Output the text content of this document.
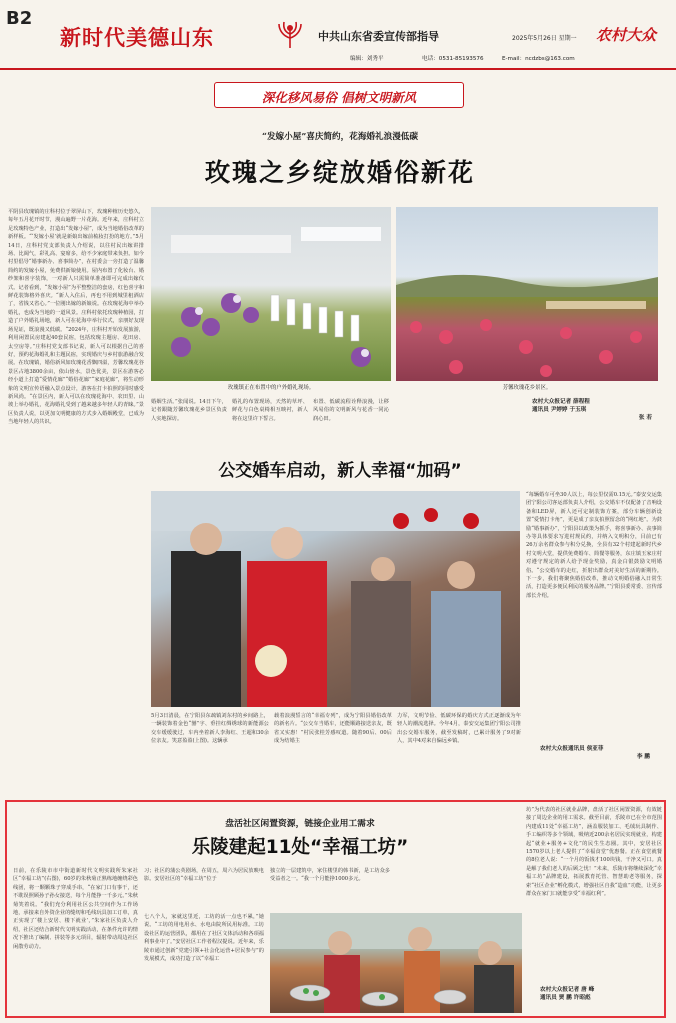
B2
新时代美德山东	中共山东省委宣传部指导	2025年5月26日 星期一 农村大众
编辑：刘秀平	电话：0531-85193576	E-mail：ncdzbs@163.com
深化移风易俗 倡树文明新风
“发嫁小屋”喜庆简约，花海婚礼浪漫低碳
玫瑰之乡绽放婚俗新花
平阴县玫瑰镇的庄科村位于翠屏山下，玫瑰种植历史悠久，每年五月花开时节，漫山遍野一片花海。近年来，庄科村立足玫瑰特色产业，打造出“发嫁小屋”，成为当地婚俗改革的新样板。“‘发嫁小屋’就是新娘出嫁前梳妆打扮的地方。”5月14日，庄科村党支部负责人介绍说，以往村民出嫁讲排场、比阔气，彩礼高、宴席多，给不少家庭带来负担。如今村里倡导“婚事新办、喜事简办”，在村委会一旁打造了温馨简约的发嫁小屋，免费供新娘使用。屋内布置了化妆台、婚纱架和喜字装饰，一对新人只需简单准备即可完成出嫁仪式。记者看到，“发嫁小屋”为平整整洁的套房，红色喜字和鲜花装饰格外喜庆。“新人入住后，再也不用到城里租酒店了，省钱又省心。”一位刚出嫁的新娘说。在玫瑰花海中举办婚礼，也成为当地的一道风景。庄科村依托玫瑰种植园，打造了户外婚礼场地，新人可在花海中举行仪式，亲朋好友现场见证，既浪漫又低碳。“2024年，庄科村开始发展旅游，利用闲置民房建起40套民宿，包括玫瑰主题房、花田房、太空房等。”庄科村党支部书记说，新人可以根据自己的喜好，预约花海婚礼和主题民宿，实现婚庆与乡村旅游融合发展。在玫瑰镇，婚俗新风如玫瑰花香飘四溢，芳馨玫瑰花谷景区占地3800余亩，依山傍水，景色优美，景区在游客必经小道上打造“爱情花廊”“婚俗花廊”“家庭花廊”，将生动形象的文明宣传语融入景点设计，游客在打卡拍照的同时感受新风尚。“在景区内，新人可以在玫瑰花海中、农田里、山坡上举办婚礼，花海婚礼受到了越来越多年轻人的青睐。”景区负责人说，以更加文明健康的方式步入婚姻殿堂，已成为当地年轻人的共识。
玫瑰镇正在布置中的户外婚礼现场。	芳馨玫瑰花乡景区。
婚姻生活。”张闻说。14日下午，记者跟随芳馨玫瑰花乡景区负责人实地探访。
婚礼的布置现场，天然的草坪、鲜花与白色桌椅相互映衬，新人将在这里许下誓言。
布置、低碳流程诠释浪漫，让移风易俗的文明新风与花香一同沁润心田。
农村大众报记者 薛程程
通讯员 尹婷婷 于玉琪
张 若
公交婚车启动，新人幸福“加码”
“每辆婚车可坐30人以上，每公里仅需0.15元。”泰安交运集团宁阳公司客运部负责人介绍，公交婚车不仅配备了音响设备和LED屏，新人还可定制装饰方案，部分车辆创新设置“爱情打卡角”，更是成了亲友拍照留念的“网红地”。为鼓励“婚事新办”，宁阳县以政策为抓手，将喜事新办、丧事简办等具体要求写进村规民约，并纳入文明积分，目前已有26万余名群众参与积分兑换，全县有32个村建起新时代乡村文明大堂，提供免费婚车、简餐等服务，东庄镇玉家庄村对遵守规定的新人给予现金奖励，真金白银鼓励文明婚俗。“公交婚车的走红，折射出群众对美好生活的新期待。下一步，我们将聚焦婚俗改革，推动文明婚俗融入日常生活，打造更多便民利民的服务品牌。”宁阳县委常委、宣传部部长介绍。
农村大众报通讯员 侯亚菲
李 鹏
5月3日清晨，在宁阳县东疏镇刘东村的乡间路上，一辆装饰着金色“囍”字、垂挂红绸绣球的新能源公交车缓缓驶过，车内坐着新人李海红、王超和30余位亲友。笑意盈盈(上图)。这辆承
载着浪漫誓言的“幸福专列”，成为宁阳县婚俗改革的新名片。“公交车当婚车，还能顺路接送亲友，既省又实惠！”村民张桂芳感叹道。随着90后、00后成为结婚主
力军，文明节俭、低碳环保的婚庆方式正逐渐成为年轻人的潮流选择。今年4月，泰安交运集团宁阳公司推出公交婚车服务，截至发稿时，已累计服务了9对新人，其中4对来自偏远乡镇。
盘活社区闲置资源，链接企业用工需求
乐陵建起11处“幸福工坊”
日前，在乐陵市市中街道新时代文明实践所朱家社区“幸福工坊”(右图)，60岁的朱秋菊正熟练地缠绕彩色线团，将一颗颗珠子穿成手串，“在家门口有事干，还不耽误照顾孙子孙女接送，每个月能挣一千多元。”朱秋菊笑着说。“我们充分利用社区公共空间作为工作场地，承接来自外资企业的缝纫和毛线玩具加工订单，真正实现了‘楼上安居、楼下就业’，”朱家社区负责人介绍，社区还结合新时代文明实践活动，在条件允许的情况下推出了编制、拼装等多元项目，辐射带动周边社区闲散劳动力。
习；社区的蒲公英剧场，在周五，周六为居民放映电影。安居社区的“幸福工坊”位于
独立的一层建筑中，家住楼里的韩书新，是工坊众多受益者之一。“我一个月能挣1000多元。
七八个人，家就这里近，工坊的活一点也不累，”她说。“工坊的用电用水、水电由院所民用标准。工坊设社区的运营团队，都用在了社区文体活动和各项福利事业中了。”安居社区工作者程汉提说。近年来，乐陵市通过创新“党建引领+社会化运营+居民参与”的发展模式，成功打造了以“幸福工
坊”为代表的社区就业品牌，盘活了社区闲置资源，有效链接了周边企业的用工需求。截至目前，乐陵市已在全市范围内建成11处“幸福工坊”，涵盖服装加工、毛绒玩具制作、手工编织等多个领域，吸纳近200余名居民实现就业，构建起“就业+服务+文化”的民生生态圈。其中，安居社区1570岁以上老人提供了“幸福食堂”优惠餐。正在食堂就餐的8位老人说：“一个月的饭钱才100块钱，干净又可口。真是解了我们老人的后顾之忧！”未来，乐陵市将继续深化“幸福工坊”品牌建设，拓展教育托管、智慧助老等服务，探索“社区企业”孵化模式，增强社区自我“造血”功能，让更多群众在家门口就能享受“幸福红利”。
农村大众报记者 唐 峰
通讯员 贾 鹏 许昭彪
